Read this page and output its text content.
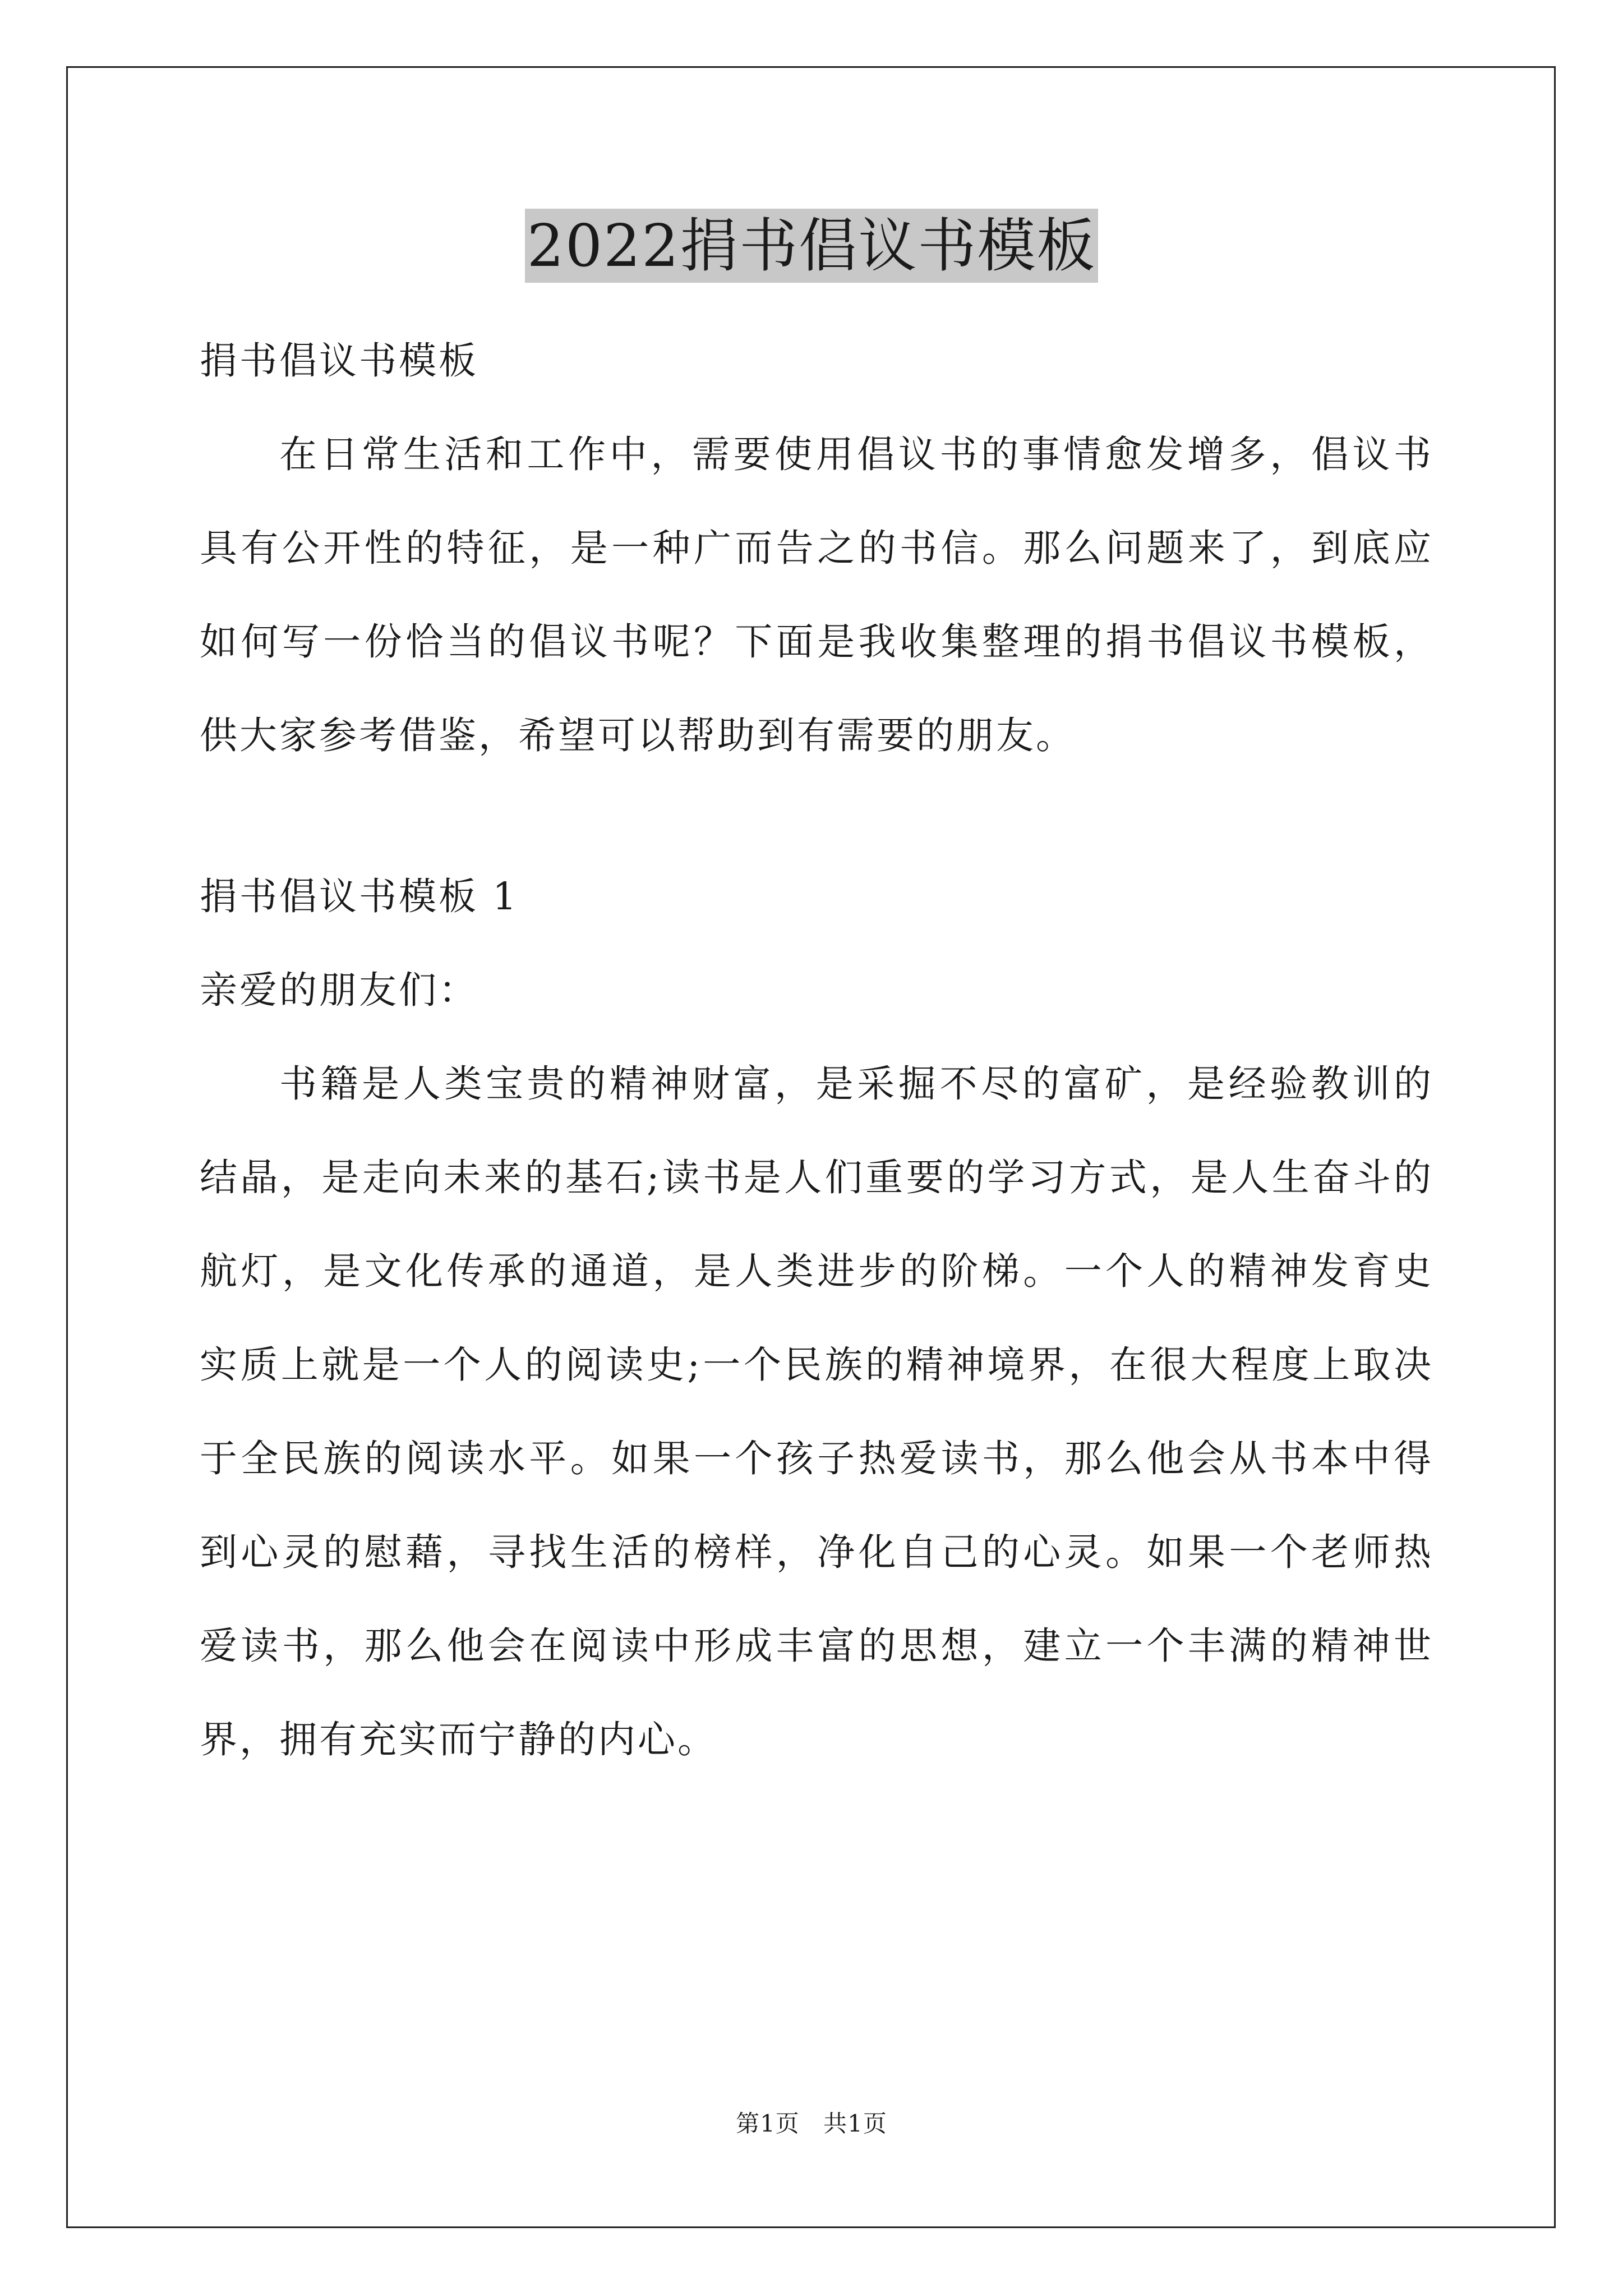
2022捐书倡议书模板

捐书倡议书模板

在日常生活和工作中，需要使用倡议书的事情愈发增多，倡议书具有公开性的特征，是一种广而告之的书信。那么问题来了，到底应如何写一份恰当的倡议书呢？下面是我收集整理的捐书倡议书模板，供大家参考借鉴，希望可以帮助到有需要的朋友。

捐书倡议书模板 1

亲爱的朋友们：

书籍是人类宝贵的精神财富，是采掘不尽的富矿，是经验教训的结晶，是走向未来的基石;读书是人们重要的学习方式，是人生奋斗的航灯，是文化传承的通道，是人类进步的阶梯。一个人的精神发育史实质上就是一个人的阅读史;一个民族的精神境界，在很大程度上取决于全民族的阅读水平。如果一个孩子热爱读书，那么他会从书本中得到心灵的慰藉，寻找生活的榜样，净化自己的心灵。如果一个老师热爱读书，那么他会在阅读中形成丰富的思想，建立一个丰满的精神世界，拥有充实而宁静的内心。

第1页 共1页
